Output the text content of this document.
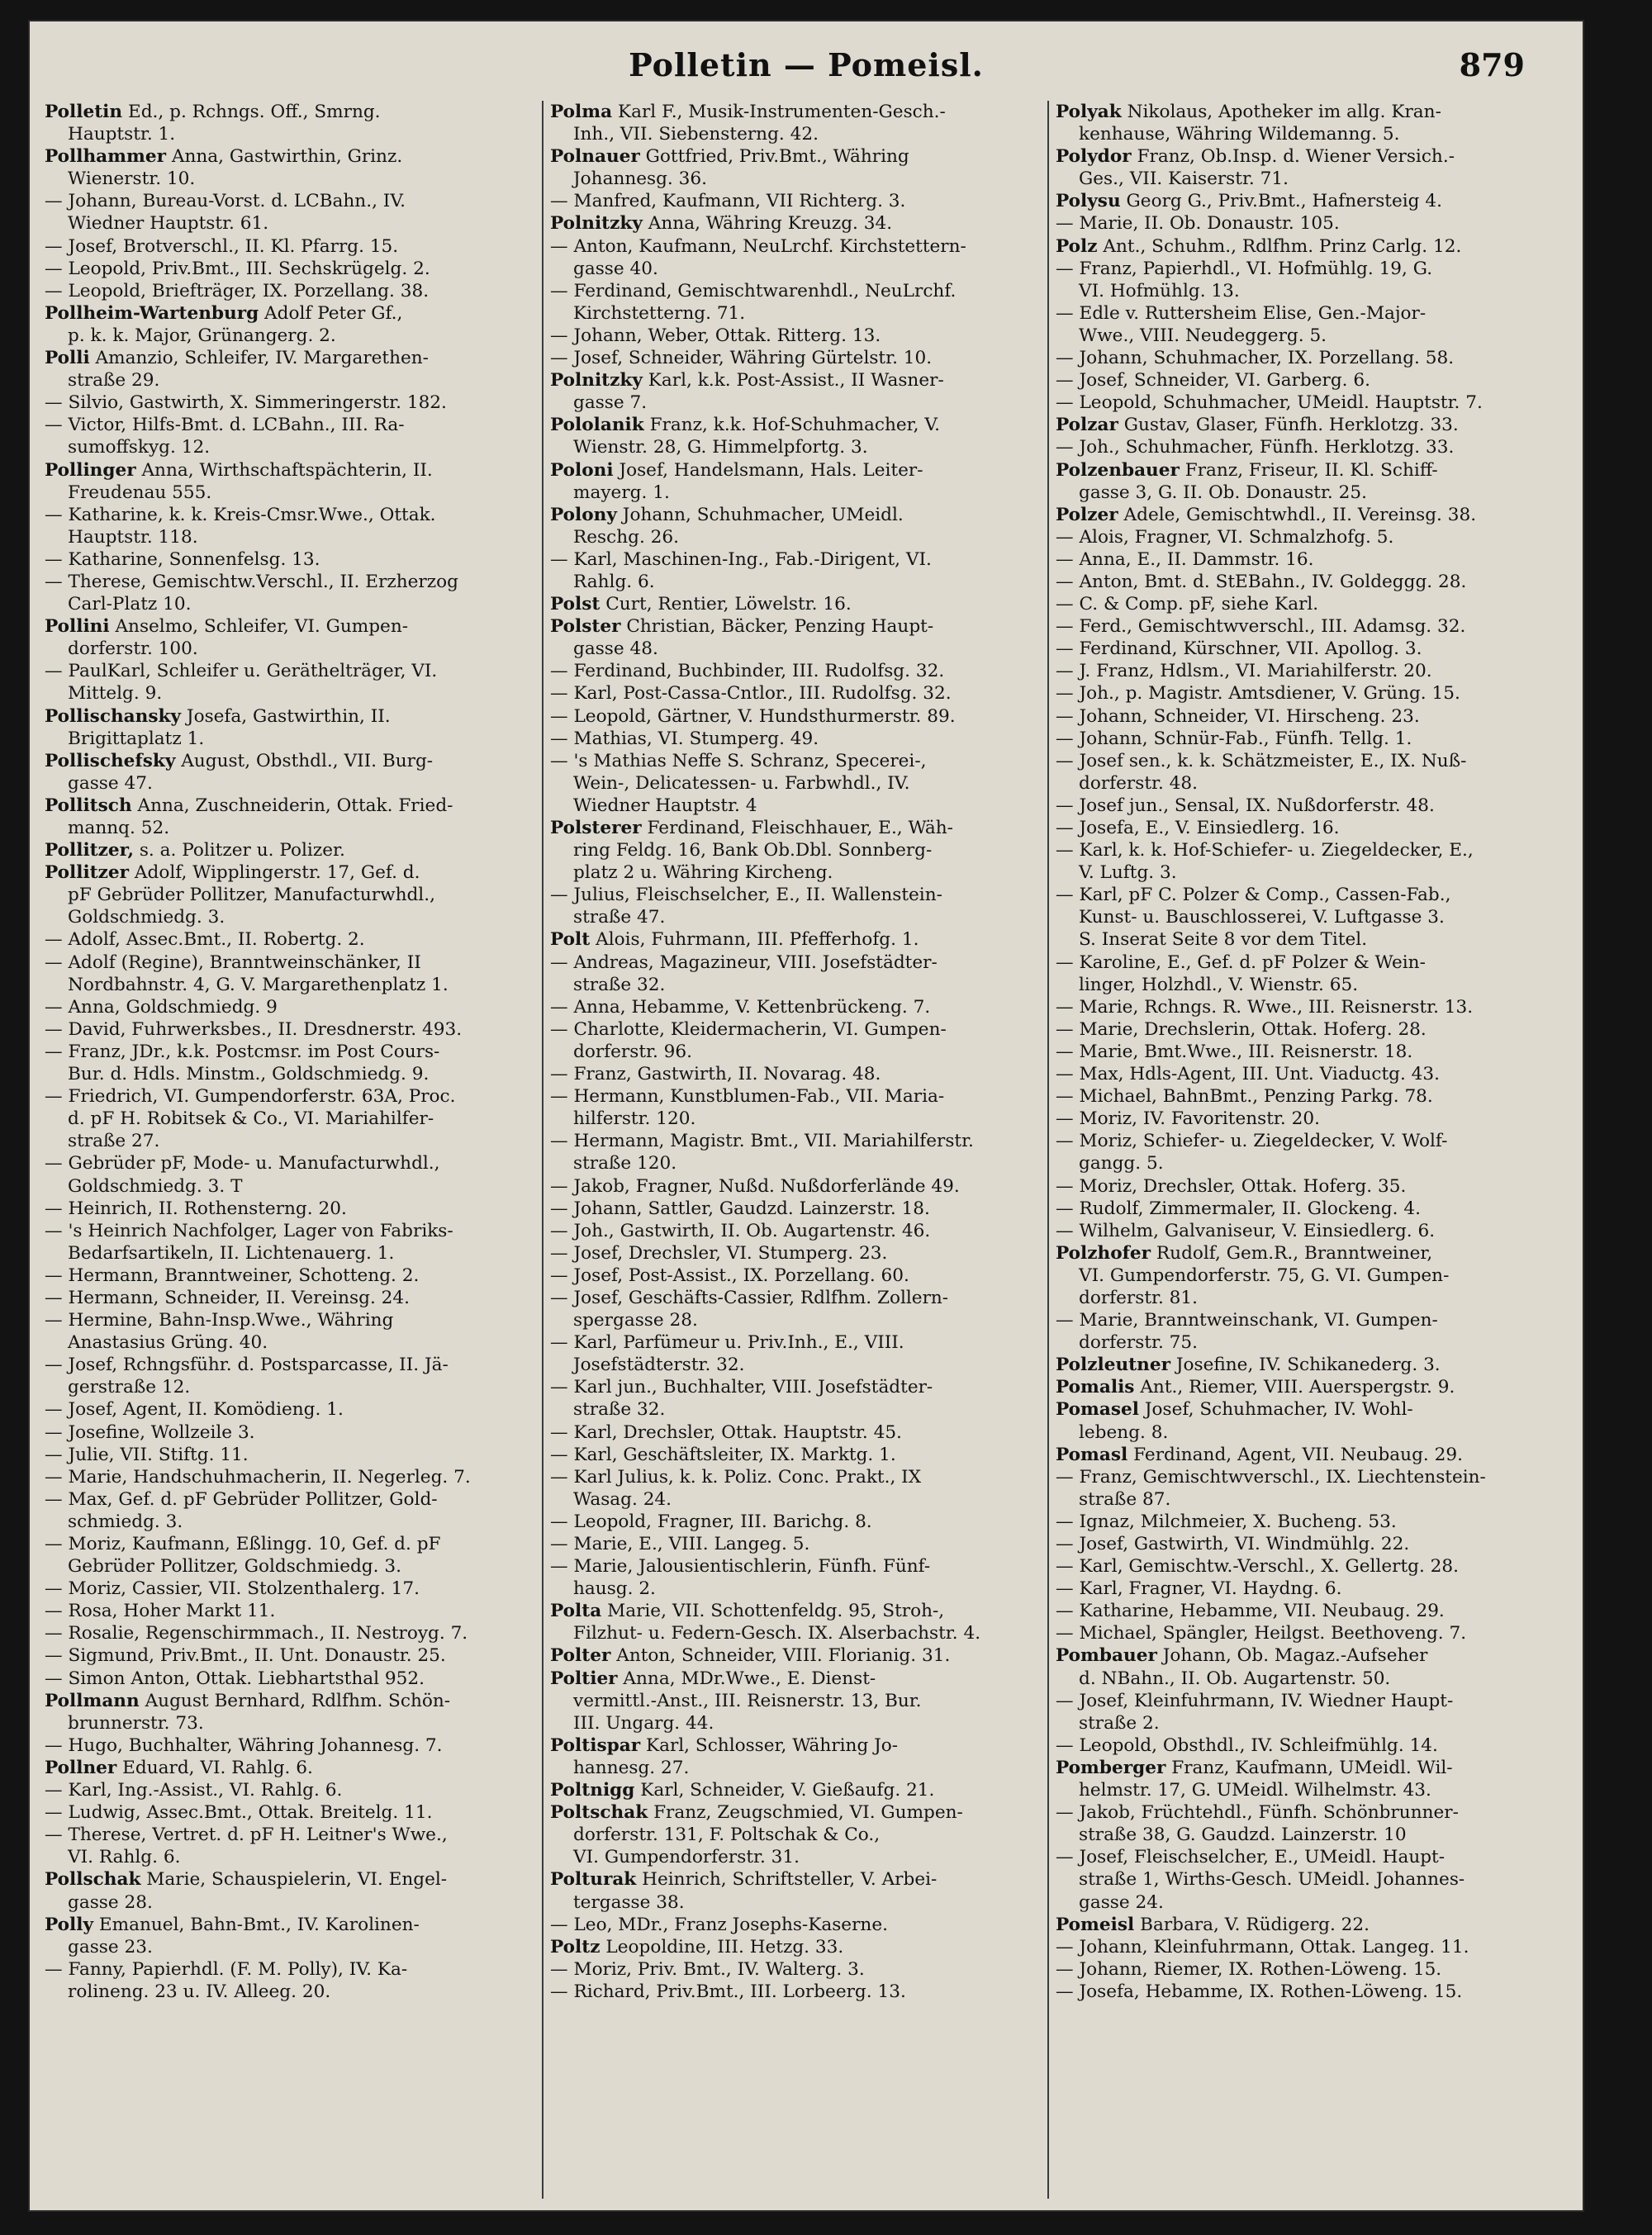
Polletin — Pomeisl.	879
Polletin Ed., p. Rchngs. Off., Smrng.
Hauptstr. 1.
Pollhammer Anna, Gastwirthin, Grinz.
Wienerstr. 10.
— Johann, Bureau-Vorst. d. LCBahn., IV.
Wiedner Hauptstr. 61.
— Josef, Brotverschl., II. Kl. Pfarrg. 15.
— Leopold, Priv.Bmt., III. Sechskrügelg. 2.
— Leopold, Briefträger, IX. Porzellang. 38.
Pollheim-Wartenburg Adolf Peter Gf.,
p. k. k. Major, Grünangerg. 2.
Polli Amanzio, Schleifer, IV. Margarethen-
straße 29.
— Silvio, Gastwirth, X. Simmeringerstr. 182.
— Victor, Hilfs-Bmt. d. LCBahn., III. Ra-
sumoffskyg. 12.
Pollinger Anna, Wirthschaftspächterin, II.
Freudenau 555.
— Katharine, k. k. Kreis-Cmsr.Wwe., Ottak.
Hauptstr. 118.
— Katharine, Sonnenfelsg. 13.
— Therese, Gemischtw.Verschl., II. Erzherzog
Carl-Platz 10.
Pollini Anselmo, Schleifer, VI. Gumpen-
dorferstr. 100.
— PaulKarl, Schleifer u. Geräthelträger, VI.
Mittelg. 9.
Pollischansky Josefa, Gastwirthin, II.
Brigittaplatz 1.
Pollischefsky August, Obsthdl., VII. Burg-
gasse 47.
Pollitsch Anna, Zuschneiderin, Ottak. Fried-
mannq. 52.
Pollitzer, s. a. Politzer u. Polizer.
Pollitzer Adolf, Wipplingerstr. 17, Gef. d.
pF Gebrüder Pollitzer, Manufacturwhdl.,
Goldschmiedg. 3.
— Adolf, Assec.Bmt., II. Robertg. 2.
— Adolf (Regine), Branntweinschänker, II
Nordbahnstr. 4, G. V. Margarethenplatz 1.
— Anna, Goldschmiedg. 9
— David, Fuhrwerksbes., II. Dresdnerstr. 493.
— Franz, JDr., k.k. Postcmsr. im Post Cours-
Bur. d. Hdls. Minstm., Goldschmiedg. 9.
— Friedrich, VI. Gumpendorferstr. 63A, Proc.
d. pF H. Robitsek & Co., VI. Mariahilfer-
straße 27.
— Gebrüder pF, Mode- u. Manufacturwhdl.,
Goldschmiedg. 3. T
— Heinrich, II. Rothensterng. 20.
— 's Heinrich Nachfolger, Lager von Fabriks-
Bedarfsartikeln, II. Lichtenauerg. 1.
— Hermann, Branntweiner, Schotteng. 2.
— Hermann, Schneider, II. Vereinsg. 24.
— Hermine, Bahn-Insp.Wwe., Währing
Anastasius Grüng. 40.
— Josef, Rchngsführ. d. Postsparcasse, II. Jä-
gerstraße 12.
— Josef, Agent, II. Komödieng. 1.
— Josefine, Wollzeile 3.
— Julie, VII. Stiftg. 11.
— Marie, Handschuhmacherin, II. Negerleg. 7.
— Max, Gef. d. pF Gebrüder Pollitzer, Gold-
schmiedg. 3.
— Moriz, Kaufmann, Eßlingg. 10, Gef. d. pF
Gebrüder Pollitzer, Goldschmiedg. 3.
— Moriz, Cassier, VII. Stolzenthalerg. 17.
— Rosa, Hoher Markt 11.
— Rosalie, Regenschirmmach., II. Nestroyg. 7.
— Sigmund, Priv.Bmt., II. Unt. Donaustr. 25.
— Simon Anton, Ottak. Liebhartsthal 952.
Pollmann August Bernhard, Rdlfhm. Schön-
brunnerstr. 73.
— Hugo, Buchhalter, Währing Johannesg. 7.
Pollner Eduard, VI. Rahlg. 6.
— Karl, Ing.-Assist., VI. Rahlg. 6.
— Ludwig, Assec.Bmt., Ottak. Breitelg. 11.
— Therese, Vertret. d. pF H. Leitner's Wwe.,
VI. Rahlg. 6.
Pollschak Marie, Schauspielerin, VI. Engel-
gasse 28.
Polly Emanuel, Bahn-Bmt., IV. Karolinen-
gasse 23.
— Fanny, Papierhdl. (F. M. Polly), IV. Ka-
rolineng. 23 u. IV. Alleeg. 20.
Polma Karl F., Musik-Instrumenten-Gesch.-
Inh., VII. Siebensterng. 42.
Polnauer Gottfried, Priv.Bmt., Währing
Johannesg. 36.
— Manfred, Kaufmann, VII Richterg. 3.
Polnitzky Anna, Währing Kreuzg. 34.
— Anton, Kaufmann, NeuLrchf. Kirchstettern-
gasse 40.
— Ferdinand, Gemischtwarenhdl., NeuLrchf.
Kirchstetterng. 71.
— Johann, Weber, Ottak. Ritterg. 13.
— Josef, Schneider, Währing Gürtelstr. 10.
Polnitzky Karl, k.k. Post-Assist., II Wasner-
gasse 7.
Pololanik Franz, k.k. Hof-Schuhmacher, V.
Wienstr. 28, G. Himmelpfortg. 3.
Poloni Josef, Handelsmann, Hals. Leiter-
mayerg. 1.
Polony Johann, Schuhmacher, UMeidl.
Reschg. 26.
— Karl, Maschinen-Ing., Fab.-Dirigent, VI.
Rahlg. 6.
Polst Curt, Rentier, Löwelstr. 16.
Polster Christian, Bäcker, Penzing Haupt-
gasse 48.
— Ferdinand, Buchbinder, III. Rudolfsg. 32.
— Karl, Post-Cassa-Cntlor., III. Rudolfsg. 32.
— Leopold, Gärtner, V. Hundsthurmerstr. 89.
— Mathias, VI. Stumperg. 49.
— 's Mathias Neffe S. Schranz, Specerei-,
Wein-, Delicatessen- u. Farbwhdl., IV.
Wiedner Hauptstr. 4
Polsterer Ferdinand, Fleischhauer, E., Wäh-
ring Feldg. 16, Bank Ob.Dbl. Sonnberg-
platz 2 u. Währing Kircheng.
— Julius, Fleischselcher, E., II. Wallenstein-
straße 47.
Polt Alois, Fuhrmann, III. Pfefferhofg. 1.
— Andreas, Magazineur, VIII. Josefstädter-
straße 32.
— Anna, Hebamme, V. Kettenbrückeng. 7.
— Charlotte, Kleidermacherin, VI. Gumpen-
dorferstr. 96.
— Franz, Gastwirth, II. Novarag. 48.
— Hermann, Kunstblumen-Fab., VII. Maria-
hilferstr. 120.
— Hermann, Magistr. Bmt., VII. Mariahilferstr.
straße 120.
— Jakob, Fragner, Nußd. Nußdorferlände 49.
— Johann, Sattler, Gaudzd. Lainzerstr. 18.
— Joh., Gastwirth, II. Ob. Augartenstr. 46.
— Josef, Drechsler, VI. Stumperg. 23.
— Josef, Post-Assist., IX. Porzellang. 60.
— Josef, Geschäfts-Cassier, Rdlfhm. Zollern-
spergasse 28.
— Karl, Parfümeur u. Priv.Inh., E., VIII.
Josefstädterstr. 32.
— Karl jun., Buchhalter, VIII. Josefstädter-
straße 32.
— Karl, Drechsler, Ottak. Hauptstr. 45.
— Karl, Geschäftsleiter, IX. Marktg. 1.
— Karl Julius, k. k. Poliz. Conc. Prakt., IX
Wasag. 24.
— Leopold, Fragner, III. Barichg. 8.
— Marie, E., VIII. Langeg. 5.
— Marie, Jalousientischlerin, Fünfh. Fünf-
hausg. 2.
Polta Marie, VII. Schottenfeldg. 95, Stroh-,
Filzhut- u. Federn-Gesch. IX. Alserbachstr. 4.
Polter Anton, Schneider, VIII. Florianig. 31.
Poltier Anna, MDr.Wwe., E. Dienst-
vermittl.-Anst., III. Reisnerstr. 13, Bur.
III. Ungarg. 44.
Poltispar Karl, Schlosser, Währing Jo-
hannesg. 27.
Poltnigg Karl, Schneider, V. Gießaufg. 21.
Poltschak Franz, Zeugschmied, VI. Gumpen-
dorferstr. 131, F. Poltschak & Co.,
VI. Gumpendorferstr. 31.
Polturak Heinrich, Schriftsteller, V. Arbei-
tergasse 38.
— Leo, MDr., Franz Josephs-Kaserne.
Poltz Leopoldine, III. Hetzg. 33.
— Moriz, Priv. Bmt., IV. Walterg. 3.
— Richard, Priv.Bmt., III. Lorbeerg. 13.
Polyak Nikolaus, Apotheker im allg. Kran-
kenhause, Währing Wildemanng. 5.
Polydor Franz, Ob.Insp. d. Wiener Versich.-
Ges., VII. Kaiserstr. 71.
Polysu Georg G., Priv.Bmt., Hafnersteig 4.
— Marie, II. Ob. Donaustr. 105.
Polz Ant., Schuhm., Rdlfhm. Prinz Carlg. 12.
— Franz, Papierhdl., VI. Hofmühlg. 19, G.
VI. Hofmühlg. 13.
— Edle v. Ruttersheim Elise, Gen.-Major-
Wwe., VIII. Neudeggerg. 5.
— Johann, Schuhmacher, IX. Porzellang. 58.
— Josef, Schneider, VI. Garberg. 6.
— Leopold, Schuhmacher, UMeidl. Hauptstr. 7.
Polzar Gustav, Glaser, Fünfh. Herklotzg. 33.
— Joh., Schuhmacher, Fünfh. Herklotzg. 33.
Polzenbauer Franz, Friseur, II. Kl. Schiff-
gasse 3, G. II. Ob. Donaustr. 25.
Polzer Adele, Gemischtwhdl., II. Vereinsg. 38.
— Alois, Fragner, VI. Schmalzhofg. 5.
— Anna, E., II. Dammstr. 16.
— Anton, Bmt. d. StEBahn., IV. Goldeggg. 28.
— C. & Comp. pF, siehe Karl.
— Ferd., Gemischtwverschl., III. Adamsg. 32.
— Ferdinand, Kürschner, VII. Apollog. 3.
— J. Franz, Hdlsm., VI. Mariahilferstr. 20.
— Joh., p. Magistr. Amtsdiener, V. Grüng. 15.
— Johann, Schneider, VI. Hirscheng. 23.
— Johann, Schnür-Fab., Fünfh. Tellg. 1.
— Josef sen., k. k. Schätzmeister, E., IX. Nuß-
dorferstr. 48.
— Josef jun., Sensal, IX. Nußdorferstr. 48.
— Josefa, E., V. Einsiedlerg. 16.
— Karl, k. k. Hof-Schiefer- u. Ziegeldecker, E.,
V. Luftg. 3.
— Karl, pF C. Polzer & Comp., Cassen-Fab.,
Kunst- u. Bauschlosserei, V. Luftgasse 3.
S. Inserat Seite 8 vor dem Titel.
— Karoline, E., Gef. d. pF Polzer & Wein-
linger, Holzhdl., V. Wienstr. 65.
— Marie, Rchngs. R. Wwe., III. Reisnerstr. 13.
— Marie, Drechslerin, Ottak. Hoferg. 28.
— Marie, Bmt.Wwe., III. Reisnerstr. 18.
— Max, Hdls-Agent, III. Unt. Viaductg. 43.
— Michael, BahnBmt., Penzing Parkg. 78.
— Moriz, IV. Favoritenstr. 20.
— Moriz, Schiefer- u. Ziegeldecker, V. Wolf-
gangg. 5.
— Moriz, Drechsler, Ottak. Hoferg. 35.
— Rudolf, Zimmermaler, II. Glockeng. 4.
— Wilhelm, Galvaniseur, V. Einsiedlerg. 6.
Polzhofer Rudolf, Gem.R., Branntweiner,
VI. Gumpendorferstr. 75, G. VI. Gumpen-
dorferstr. 81.
— Marie, Branntweinschank, VI. Gumpen-
dorferstr. 75.
Polzleutner Josefine, IV. Schikanederg. 3.
Pomalis Ant., Riemer, VIII. Auerspergstr. 9.
Pomasel Josef, Schuhmacher, IV. Wohl-
lebeng. 8.
Pomasl Ferdinand, Agent, VII. Neubaug. 29.
— Franz, Gemischtwverschl., IX. Liechtenstein-
straße 87.
— Ignaz, Milchmeier, X. Bucheng. 53.
— Josef, Gastwirth, VI. Windmühlg. 22.
— Karl, Gemischtw.-Verschl., X. Gellertg. 28.
— Karl, Fragner, VI. Haydng. 6.
— Katharine, Hebamme, VII. Neubaug. 29.
— Michael, Spängler, Heilgst. Beethoveng. 7.
Pombauer Johann, Ob. Magaz.-Aufseher
d. NBahn., II. Ob. Augartenstr. 50.
— Josef, Kleinfuhrmann, IV. Wiedner Haupt-
straße 2.
— Leopold, Obsthdl., IV. Schleifmühlg. 14.
Pomberger Franz, Kaufmann, UMeidl. Wil-
helmstr. 17, G. UMeidl. Wilhelmstr. 43.
— Jakob, Früchtehdl., Fünfh. Schönbrunner-
straße 38, G. Gaudzd. Lainzerstr. 10
— Josef, Fleischselcher, E., UMeidl. Haupt-
straße 1, Wirths-Gesch. UMeidl. Johannes-
gasse 24.
Pomeisl Barbara, V. Rüdigerg. 22.
— Johann, Kleinfuhrmann, Ottak. Langeg. 11.
— Johann, Riemer, IX. Rothen-Löweng. 15.
— Josefa, Hebamme, IX. Rothen-Löweng. 15.
